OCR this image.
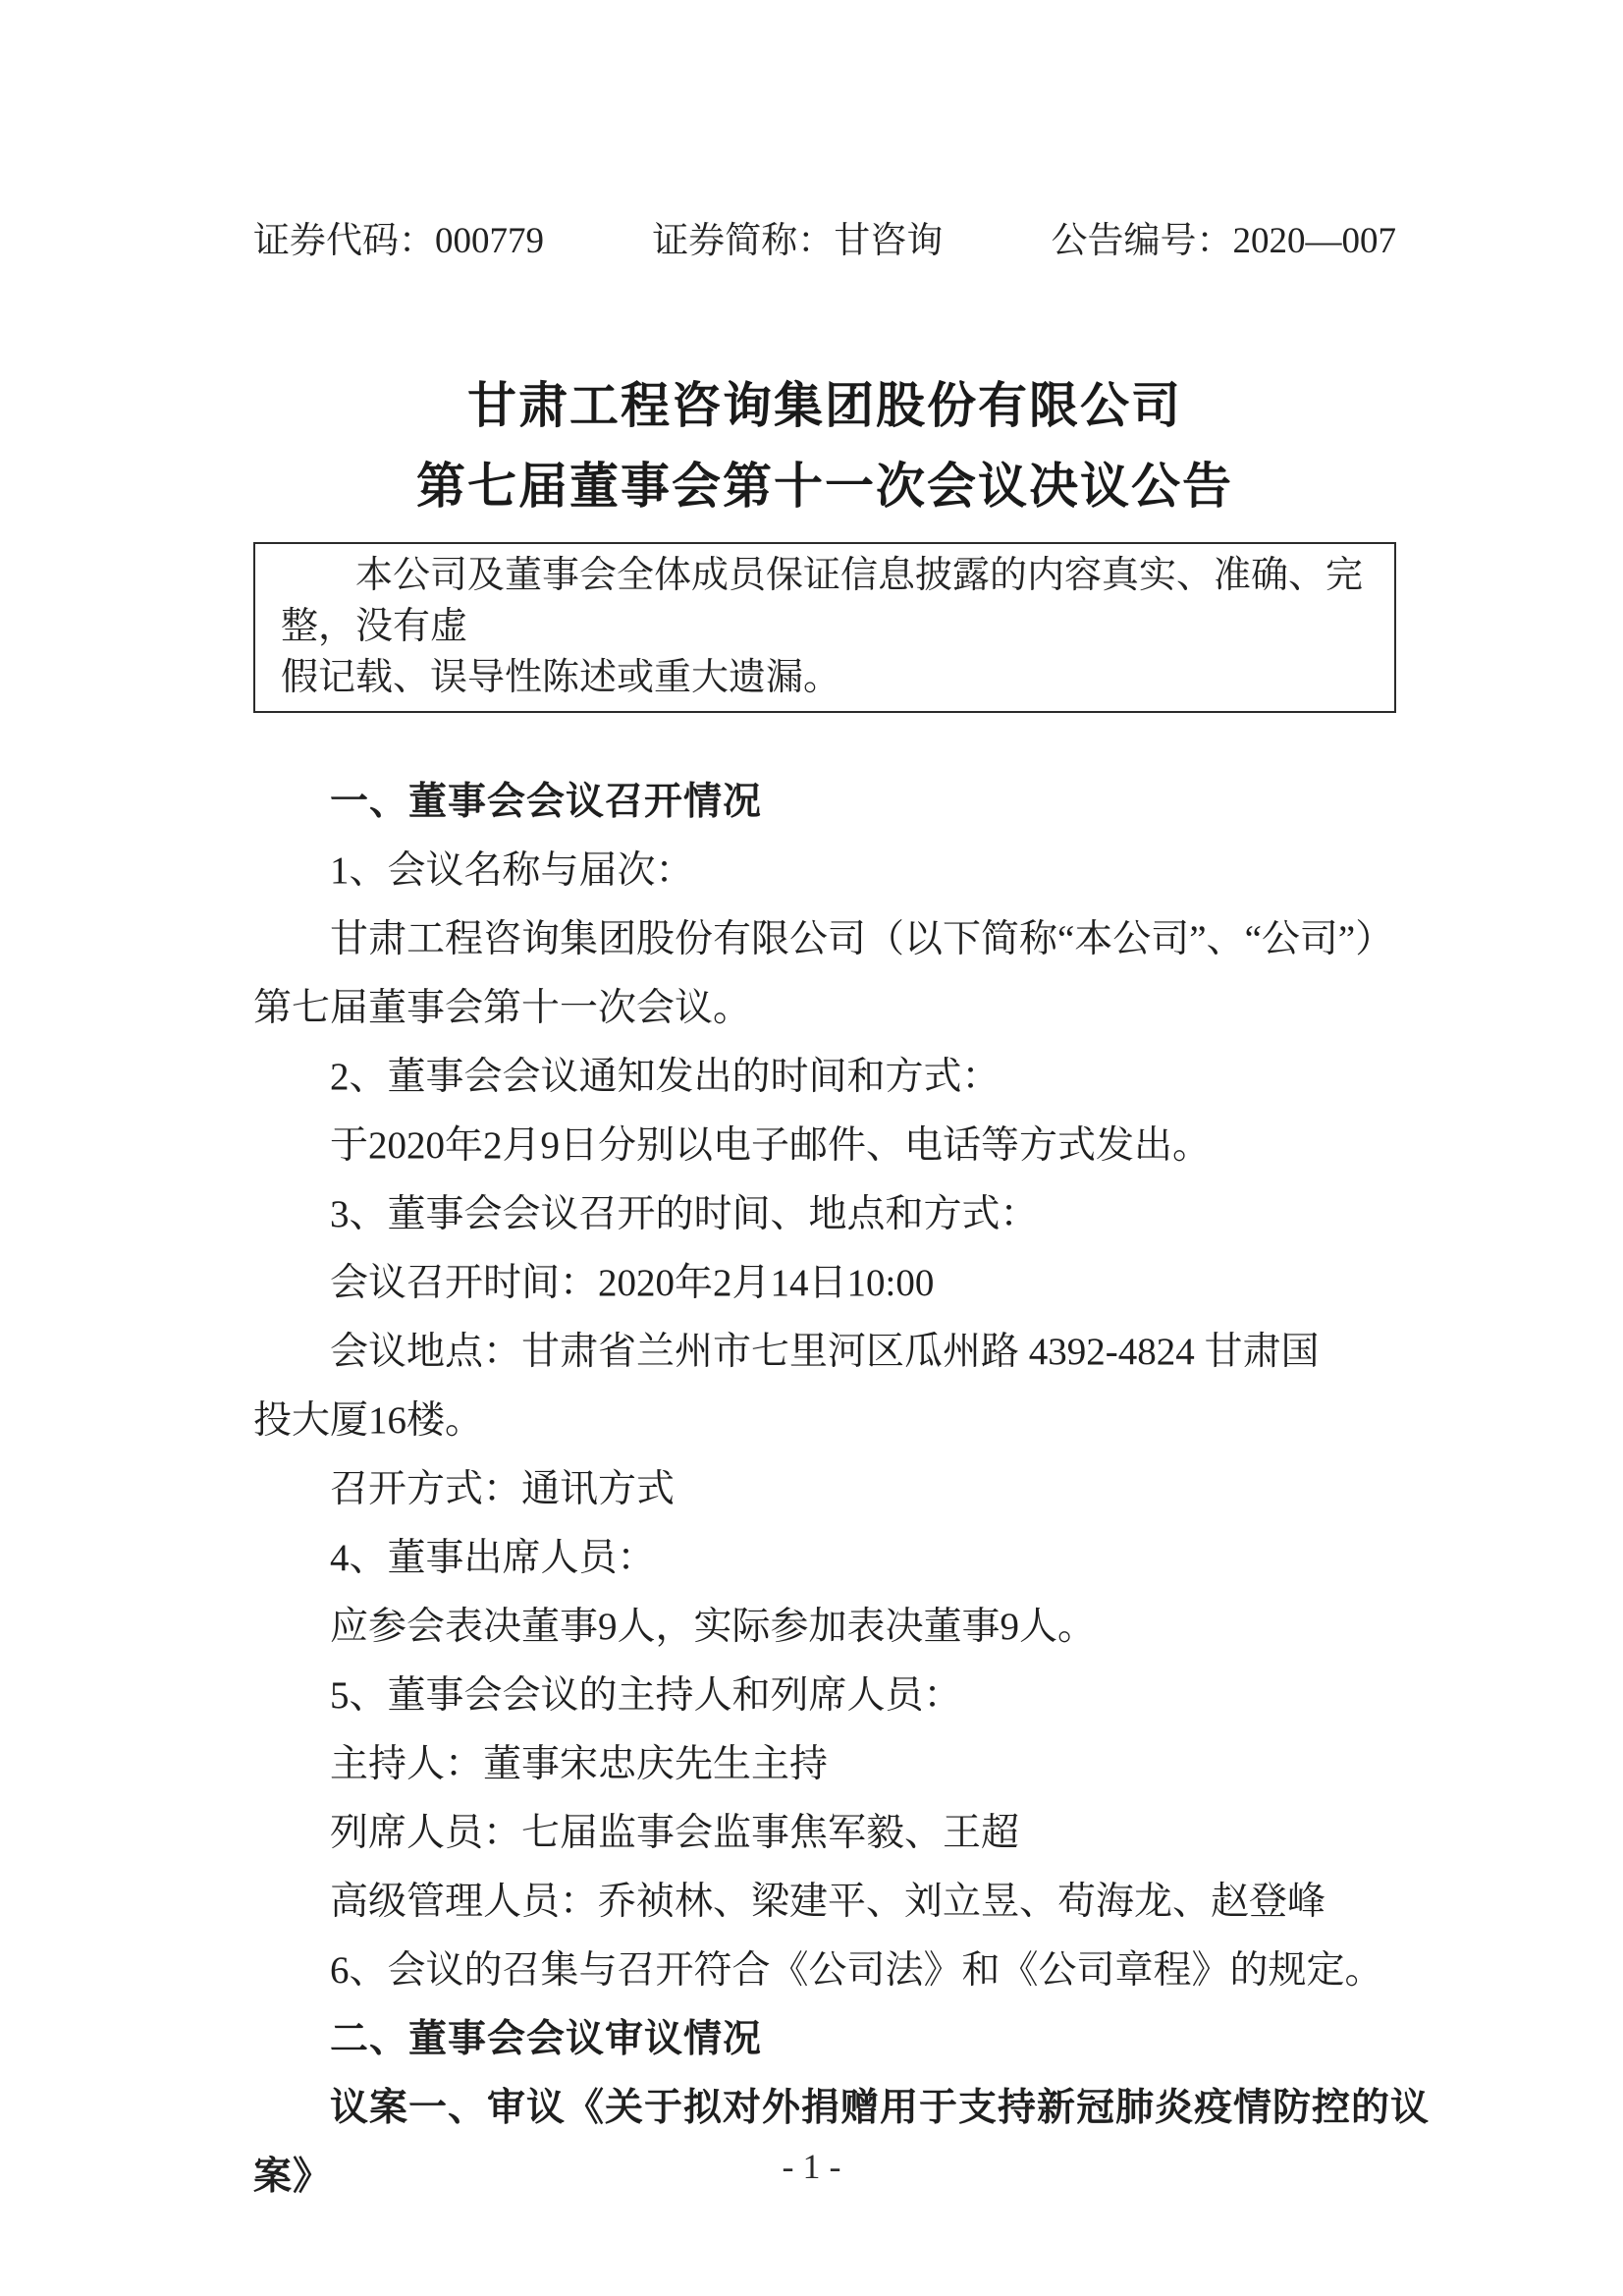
证券代码：000779	证券简称：甘咨询	公告编号：2020—007
甘肃工程咨询集团股份有限公司
第七届董事会第十一次会议决议公告
本公司及董事会全体成员保证信息披露的内容真实、准确、完整，没有虚
假记载、误导性陈述或重大遗漏。

一、董事会会议召开情况

1、会议名称与届次：

甘肃工程咨询集团股份有限公司（以下简称“本公司”、“公司”）

第七届董事会第十一次会议。

2、董事会会议通知发出的时间和方式：

于2020年2月9日分别以电子邮件、电话等方式发出。

3、董事会会议召开的时间、地点和方式：

会议召开时间：2020年2月14日10:00

会议地点：甘肃省兰州市七里河区瓜州路 4392-4824 甘肃国

投大厦16楼。

召开方式：通讯方式

4、董事出席人员：

应参会表决董事9人，实际参加表决董事9人。

5、董事会会议的主持人和列席人员：

主持人：董事宋忠庆先生主持

列席人员：七届监事会监事焦军毅、王超

高级管理人员：乔祯林、梁建平、刘立昱、苟海龙、赵登峰

6、会议的召集与召开符合《公司法》和《公司章程》的规定。

二、董事会会议审议情况

议案一、审议《关于拟对外捐赠用于支持新冠肺炎疫情防控的议

案》	- 1 -
